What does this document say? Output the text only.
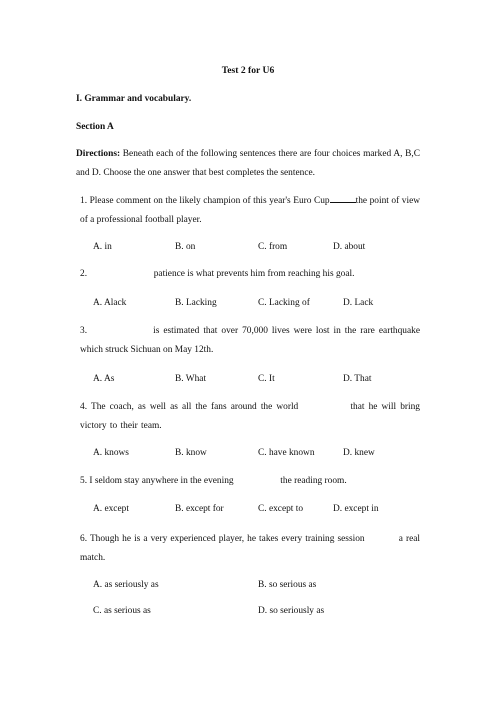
Test 2 for U6
I. Grammar and vocabulary.
Section A
Directions: Beneath each of the following sentences there are four choices marked A, B,C and D. Choose the one answer that best completes the sentence.
1. Please comment on the likely champion of this year's Euro Cup	the point of view of a professional football player.
A. in	B. on	C. from	D. about
2.	patience is what prevents him from reaching his goal.
A. Alack	B. Lacking	C. Lacking of	D. Lack
3.	is estimated that over 70,000 lives were lost in the rare earthquake which struck Sichuan on May 12th.
A. As	B. What	C. It	D. That
4. The coach, as well as all the fans around the world	that he will bring victory to their team.
A. knows	B. know	C. have known	D. knew
5. I seldom stay anywhere in the evening	the reading room.
A. except	B. except for	C. except to	D. except in
6. Though he is a very experienced player, he takes every training session	a real match.
A. as seriously as	B. so serious as
C. as serious as	D. so seriously as
